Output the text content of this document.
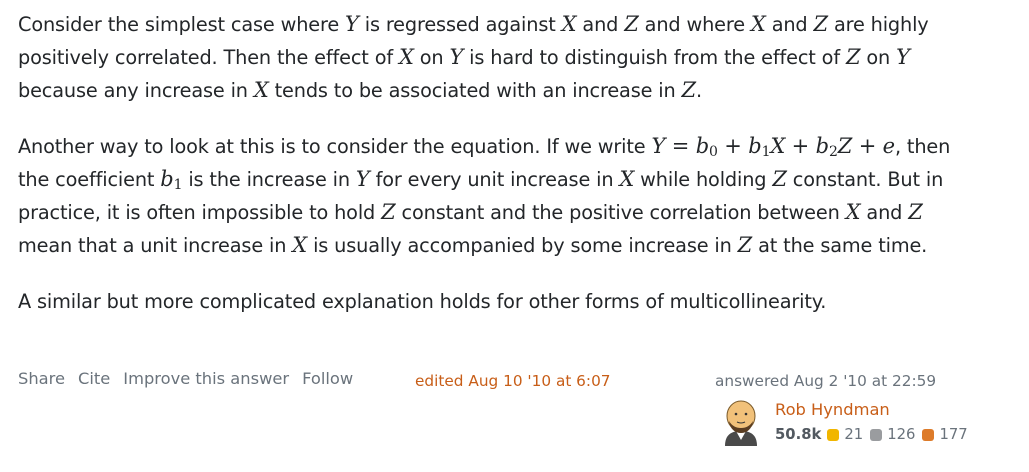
Consider the simplest case where Y is regressed against X and Z and where X and Z are highly
positively correlated. Then the effect of X on Y is hard to distinguish from the effect of Z on Y
because any increase in X tends to be associated with an increase in Z.

Another way to look at this is to consider the equation. If we write $Y = b_0 + b_1X + b_2Z + e$, then
the coefficient $b_1$ is the increase in Y for every unit increase in X while holding Z constant. But in
practice, it is often impossible to hold Z constant and the positive correlation between X and Z
mean that a unit increase in X is usually accompanied by some increase in Z at the same time.

A similar but more complicated explanation holds for other forms of multicollinearity.

Share Cite Improve this answer Follow	edited Aug 10 '10 at 6:07	answered Aug 2 '10 at 22:59
Rob Hyndman
50.8k 21 126 177
